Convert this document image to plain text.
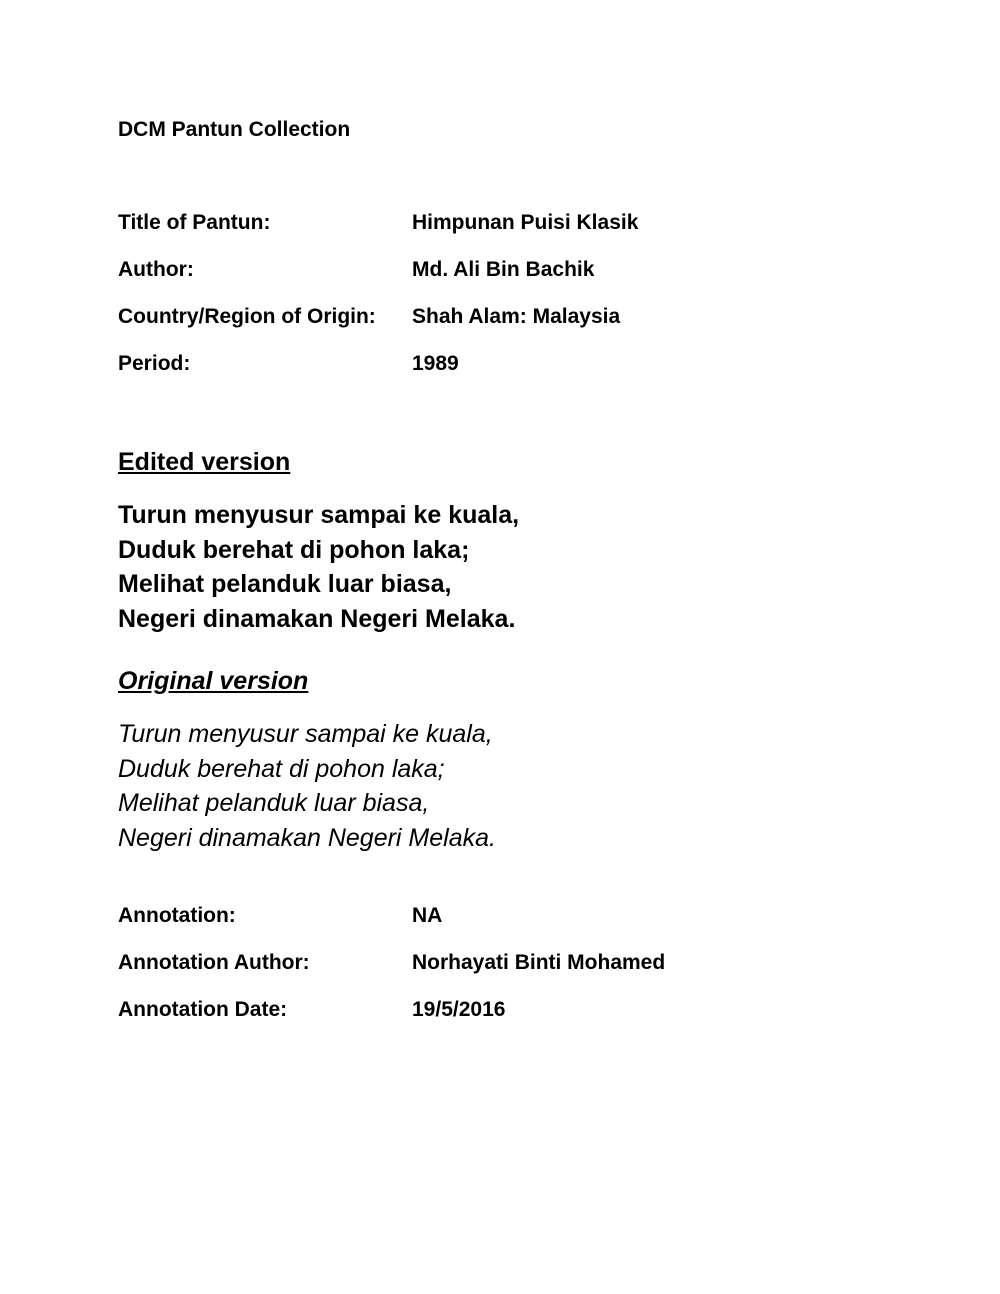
DCM Pantun Collection
Title of Pantun:	Himpunan Puisi Klasik
Author:	Md. Ali Bin Bachik
Country/Region of Origin: Shah Alam: Malaysia
Period:	1989
Edited version
Turun menyusur sampai ke kuala,
Duduk berehat di pohon laka;
Melihat pelanduk luar biasa,
Negeri dinamakan Negeri Melaka.
Original version
Turun menyusur sampai ke kuala,
Duduk berehat di pohon laka;
Melihat pelanduk luar biasa,
Negeri dinamakan Negeri Melaka.
Annotation:	NA
Annotation Author:	Norhayati Binti Mohamed
Annotation Date:	19/5/2016
